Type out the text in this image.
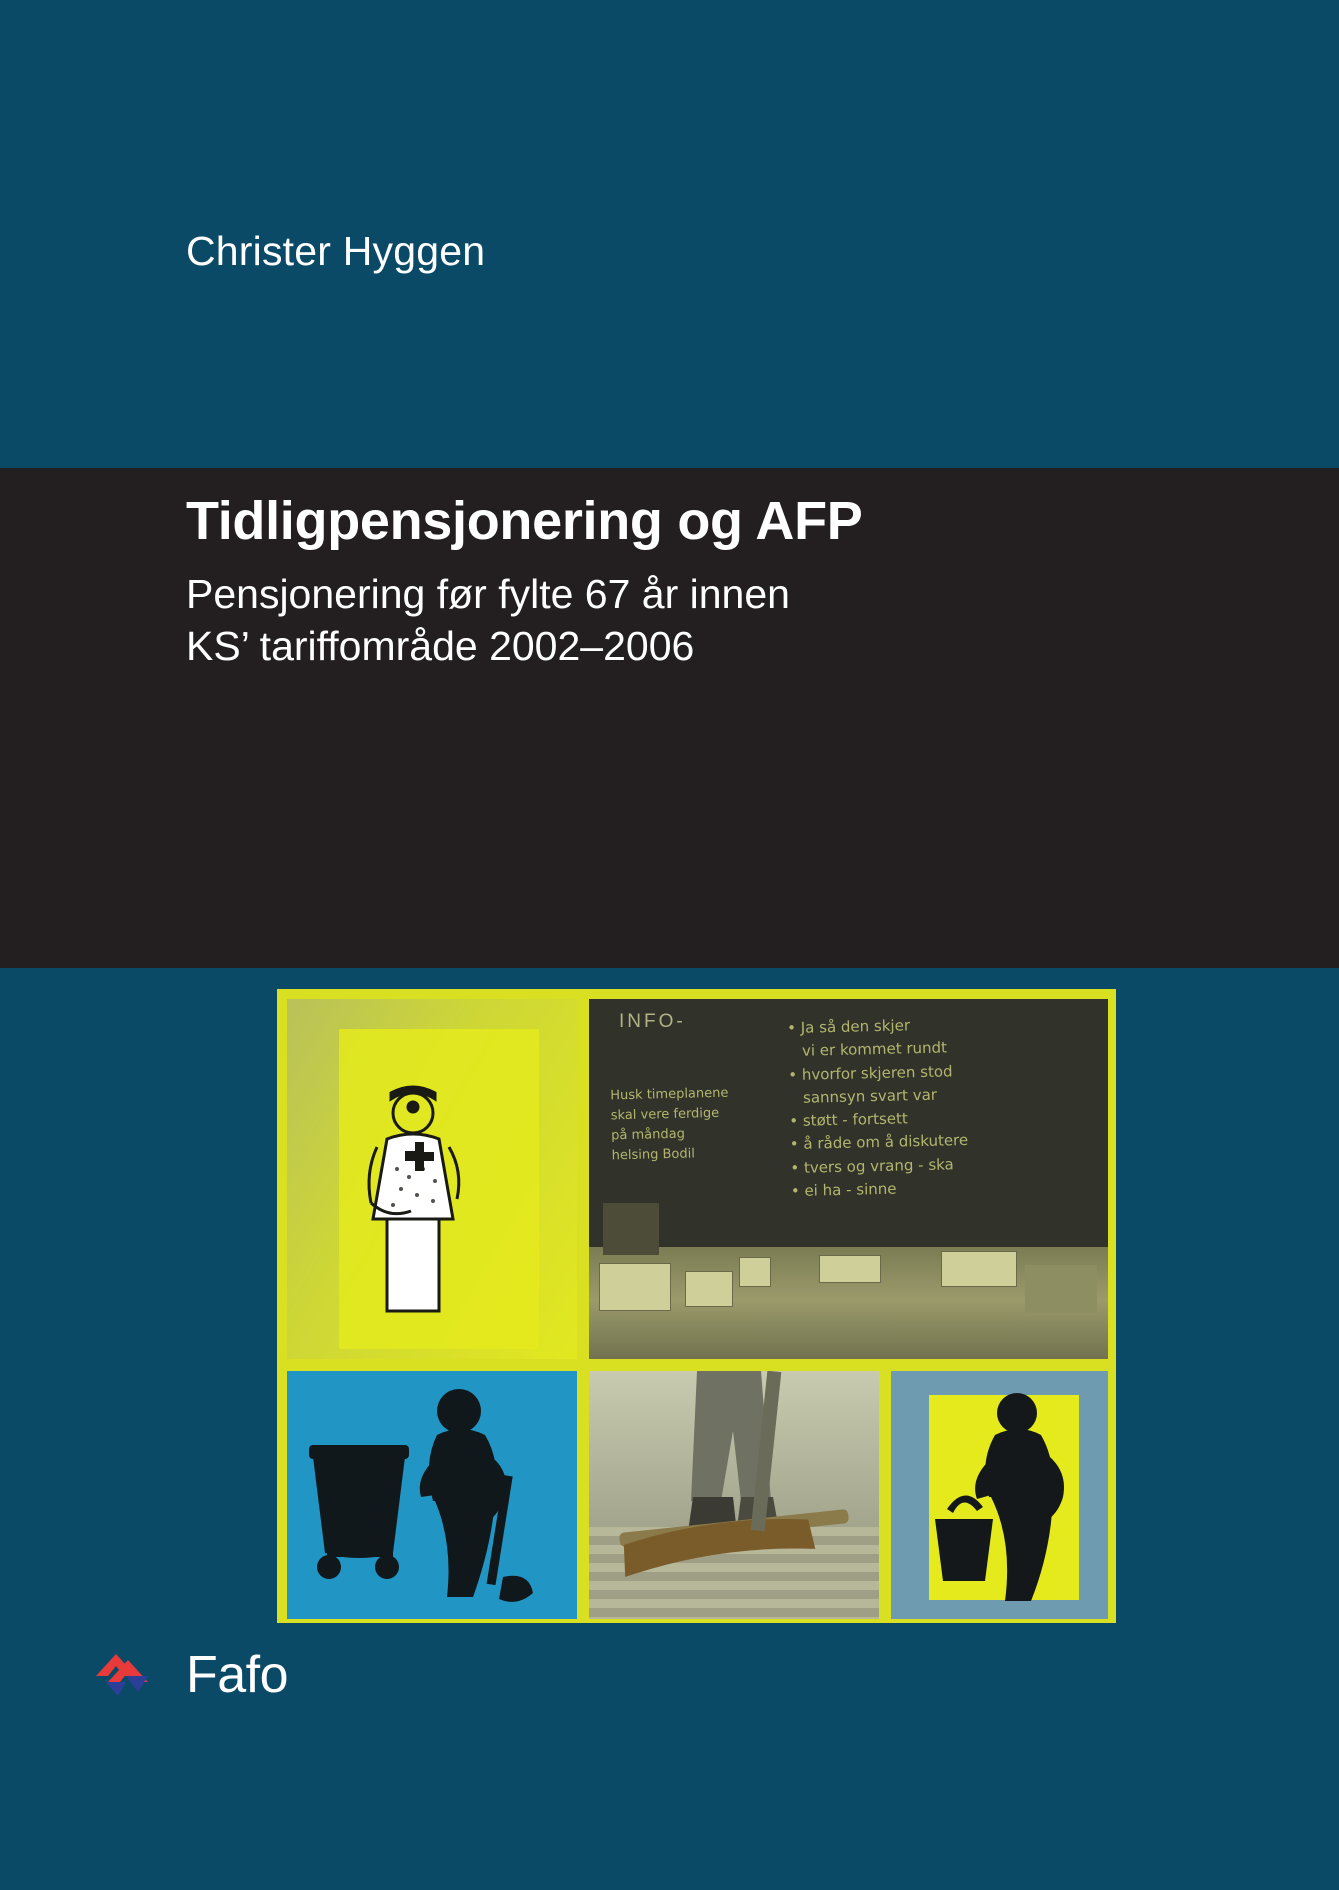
Christer Hyggen
Tidligpensjonering og AFP
Pensjonering før fylte 67 år innen
KS’ tariffområde 2002–2006
INFO-
Husk timeplanene
skal vere ferdige
på måndag
helsing Bodil
• Ja så den skjer
vi er kommet rundt
• hvorfor skjeren stod
sannsyn svart var
• støtt - fortsett
• å råde om å diskutere
• tvers og vrang - ska
• ei ha - sinne
Fafo
